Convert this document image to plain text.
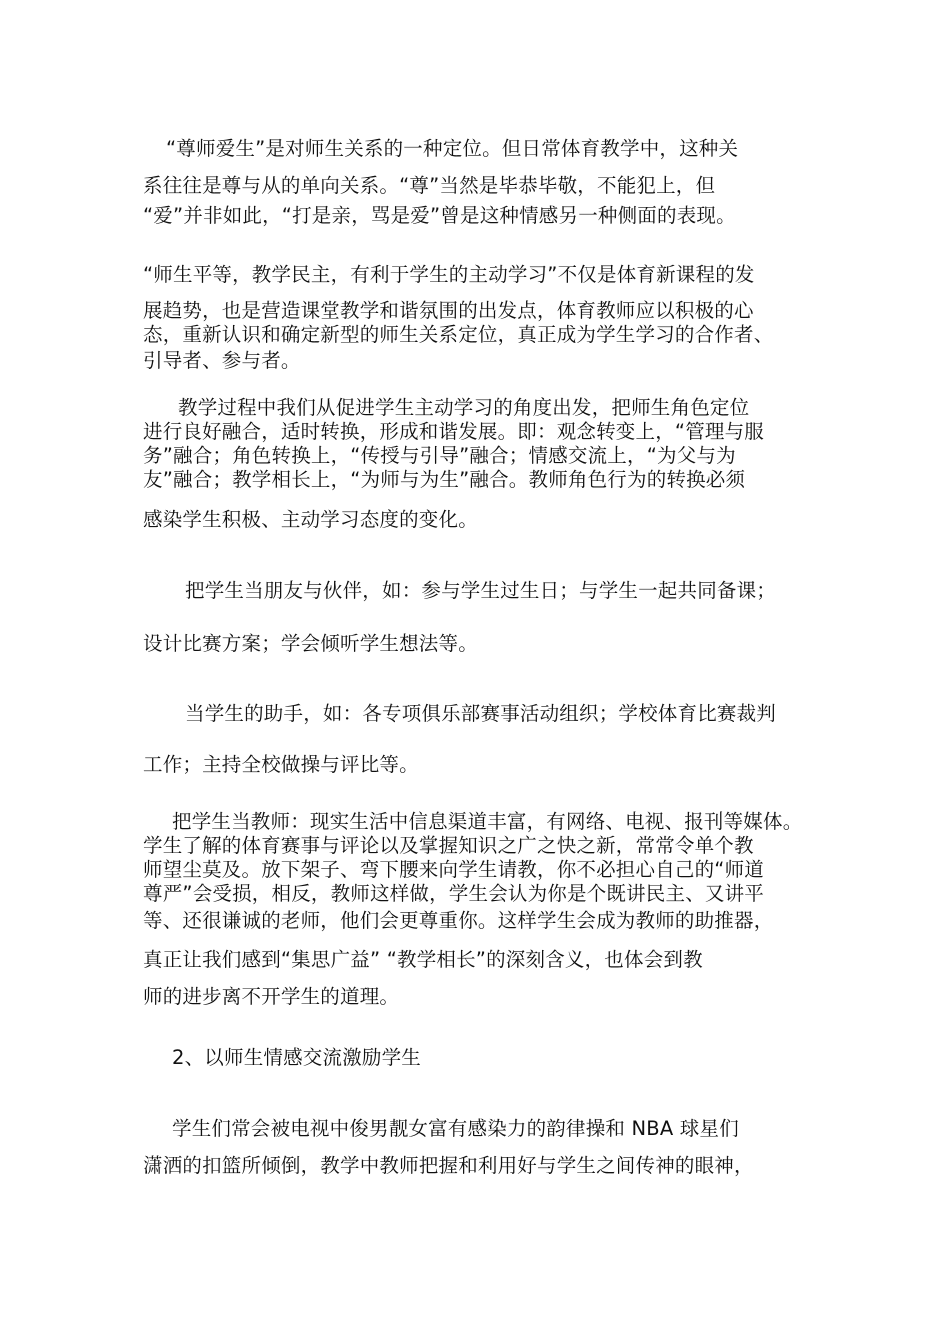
“尊师爱生”是对师生关系的一种定位。但日常体育教学中，这种关
系往往是尊与从的单向关系。“尊”当然是毕恭毕敬，不能犯上，但
“爱”并非如此，“打是亲，骂是爱”曾是这种情感另一种侧面的表现。
“师生平等，教学民主，有利于学生的主动学习”不仅是体育新课程的发
展趋势，也是营造课堂教学和谐氛围的出发点，体育教师应以积极的心
态，重新认识和确定新型的师生关系定位，真正成为学生学习的合作者、
引导者、参与者。
教学过程中我们从促进学生主动学习的角度出发，把师生角色定位
进行良好融合，适时转换，形成和谐发展。即：观念转变上，“管理与服
务”融合；角色转换上，“传授与引导”融合；情感交流上，“为父与为
友”融合；教学相长上，“为师与为生”融合。教师角色行为的转换必须
感染学生积极、主动学习态度的变化。
把学生当朋友与伙伴，如：参与学生过生日；与学生一起共同备课；
设计比赛方案；学会倾听学生想法等。
当学生的助手，如：各专项俱乐部赛事活动组织；学校体育比赛裁判
工作；主持全校做操与评比等。
把学生当教师：现实生活中信息渠道丰富，有网络、电视、报刊等媒体。
学生了解的体育赛事与评论以及掌握知识之广之快之新，常常令单个教
师望尘莫及。放下架子、弯下腰来向学生请教，你不必担心自己的“师道
尊严”会受损，相反，教师这样做，学生会认为你是个既讲民主、又讲平
等、还很谦诚的老师，他们会更尊重你。这样学生会成为教师的助推器，
真正让我们感到“集思广益” “教学相长”的深刻含义，也体会到教
师的进步离不开学生的道理。
2、以师生情感交流激励学生
学生们常会被电视中俊男靓女富有感染力的韵律操和 NBA 球星们
潇洒的扣篮所倾倒，教学中教师把握和利用好与学生之间传神的眼神，
